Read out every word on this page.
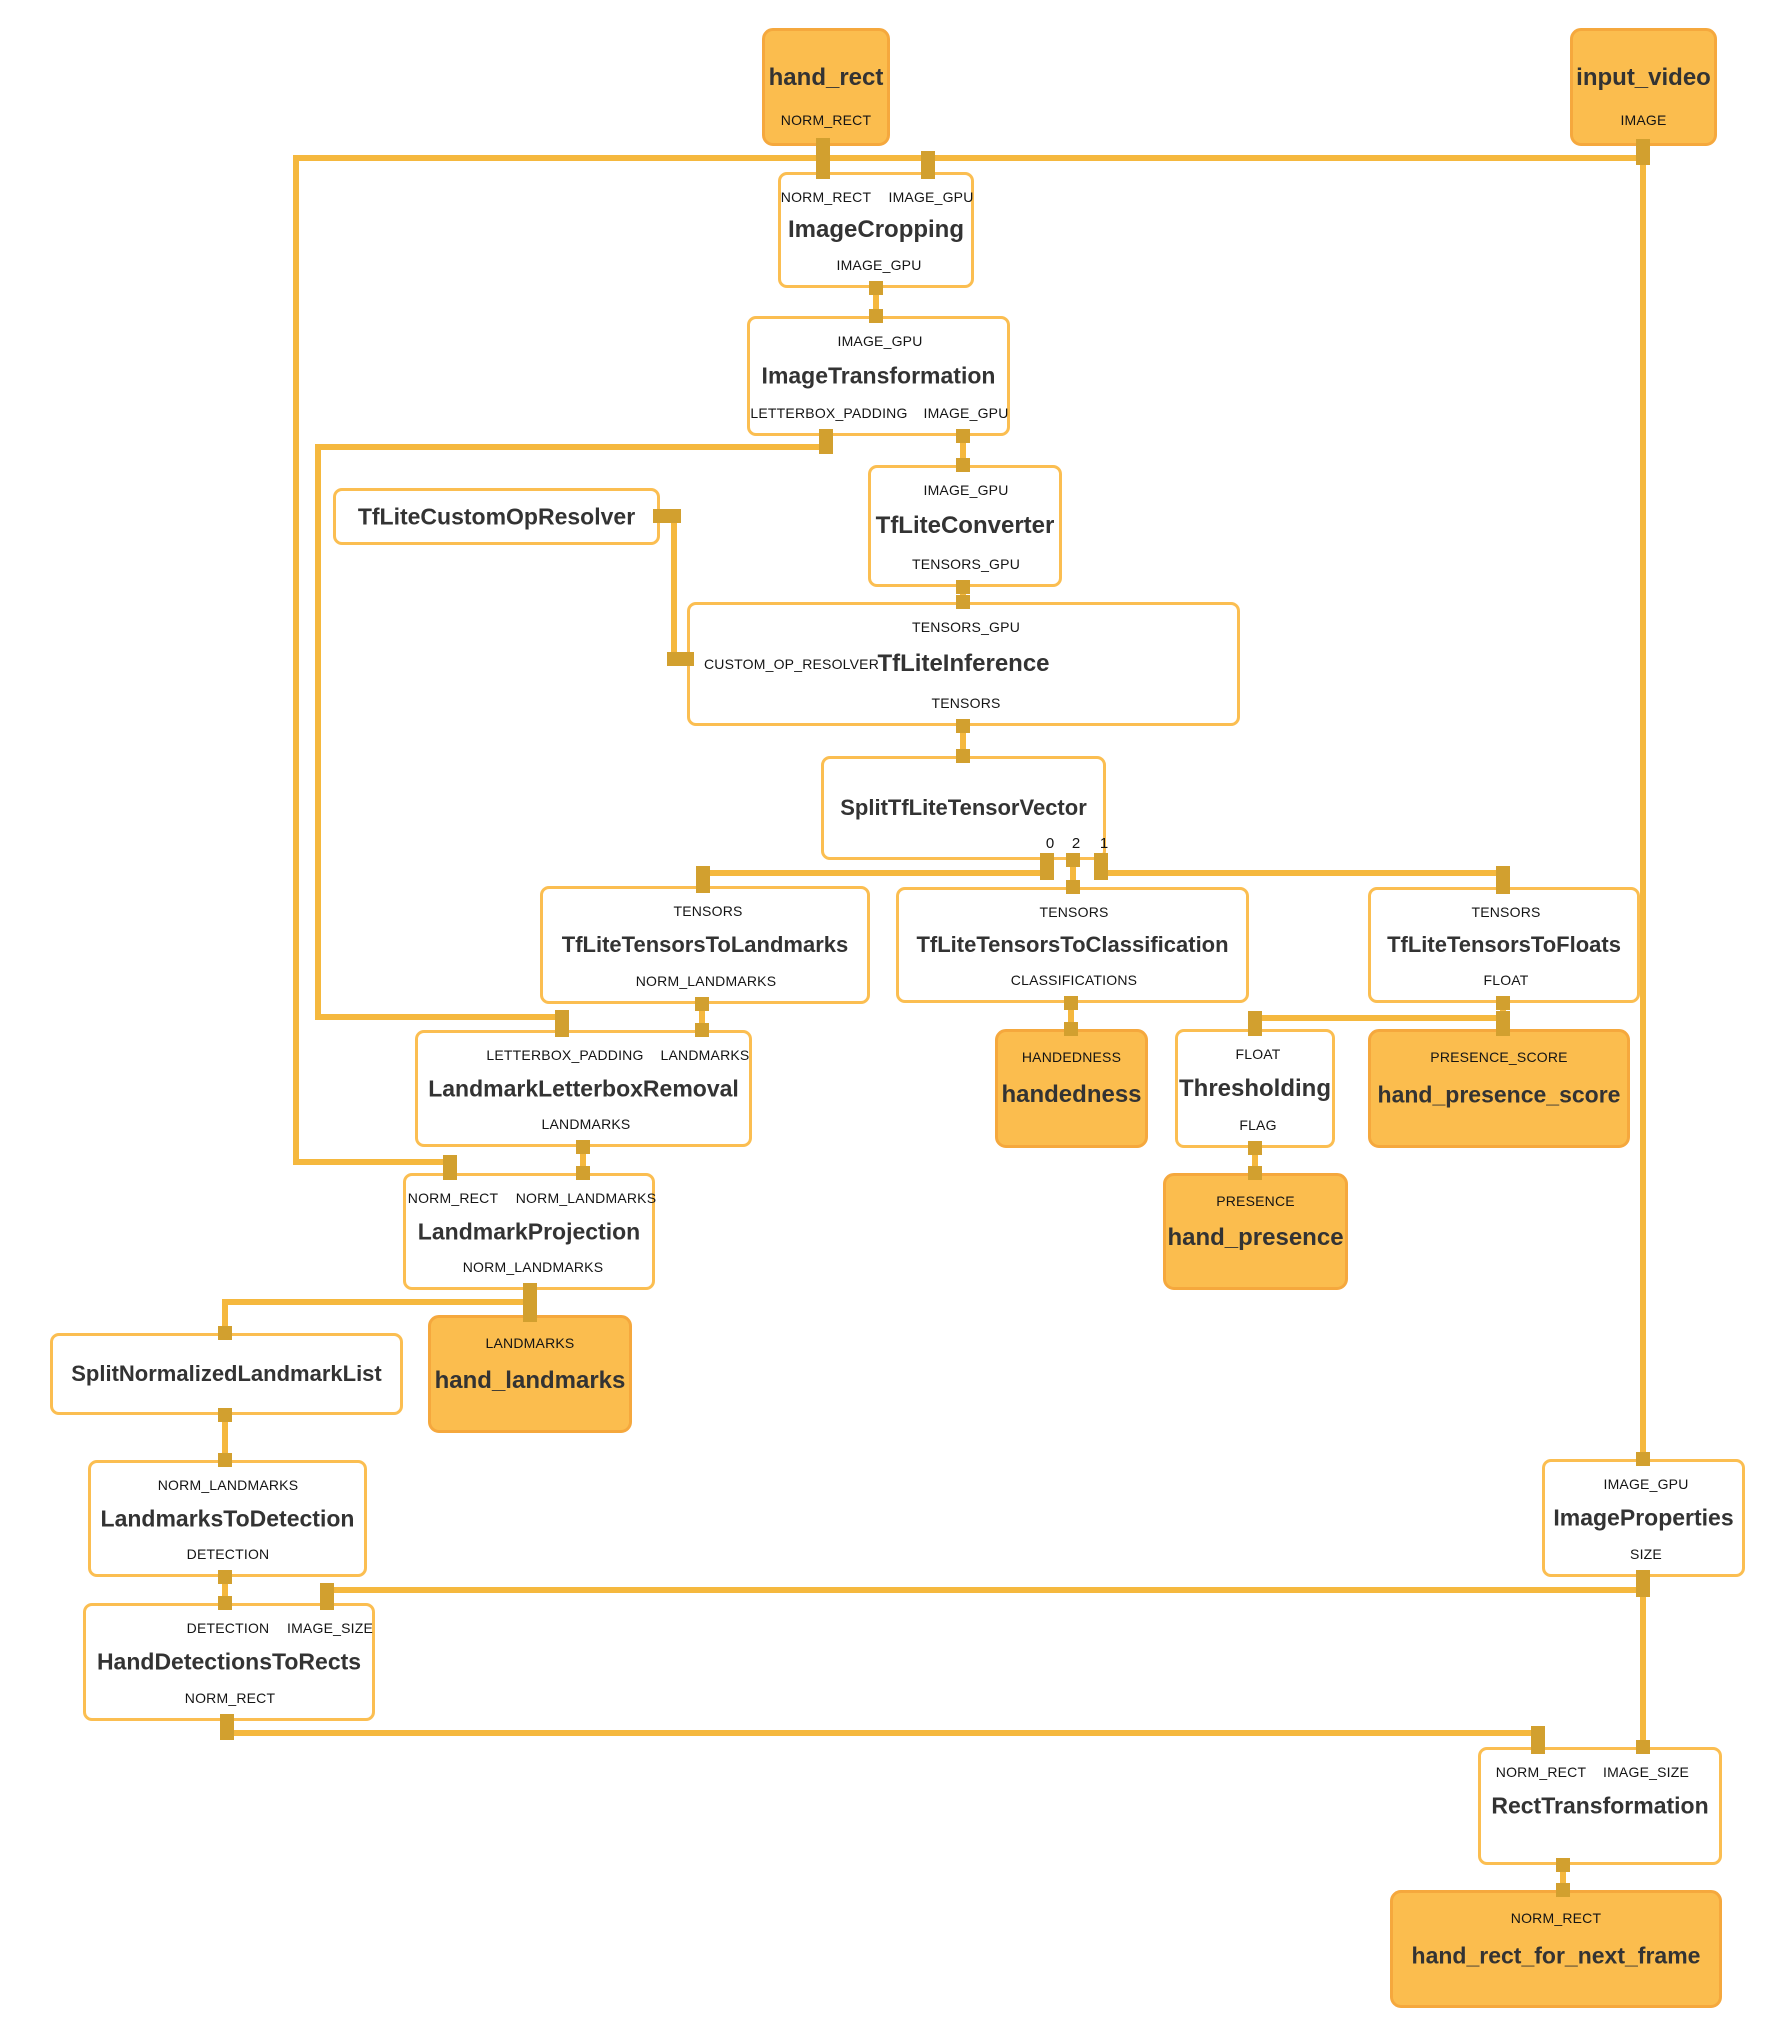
NORM_RECT
hand_rect
IMAGE
input_video
NORM_RECT IMAGE_GPU
IMAGE_GPU
ImageCropping
IMAGE_GPU
LETTERBOX_PADDING IMAGE_GPU
ImageTransformation
TfLiteCustomOpResolver
IMAGE_GPU
TENSORS_GPU
TfLiteConverter
TENSORS_GPU
TENSORS
CUSTOM_OP_RESOLVER
TfLiteInference
0 2 1
SplitTfLiteTensorVector
TENSORS
NORM_LANDMARKS
TfLiteTensorsToLandmarks
TENSORS
CLASSIFICATIONS
TfLiteTensorsToClassification
TENSORS
FLOAT
TfLiteTensorsToFloats
LETTERBOX_PADDING LANDMARKS
LANDMARKS
LandmarkLetterboxRemoval
HANDEDNESS
handedness
FLOAT
FLAG
Thresholding
PRESENCE_SCORE
hand_presence_score
PRESENCE
hand_presence
NORM_RECT NORM_LANDMARKS
NORM_LANDMARKS
LandmarkProjection
LANDMARKS
hand_landmarks
SplitNormalizedLandmarkList
NORM_LANDMARKS
DETECTION
LandmarksToDetection
DETECTION IMAGE_SIZE
NORM_RECT
HandDetectionsToRects
IMAGE_GPU
SIZE
ImageProperties
NORM_RECT IMAGE_SIZE
RectTransformation
NORM_RECT
hand_rect_for_next_frame
